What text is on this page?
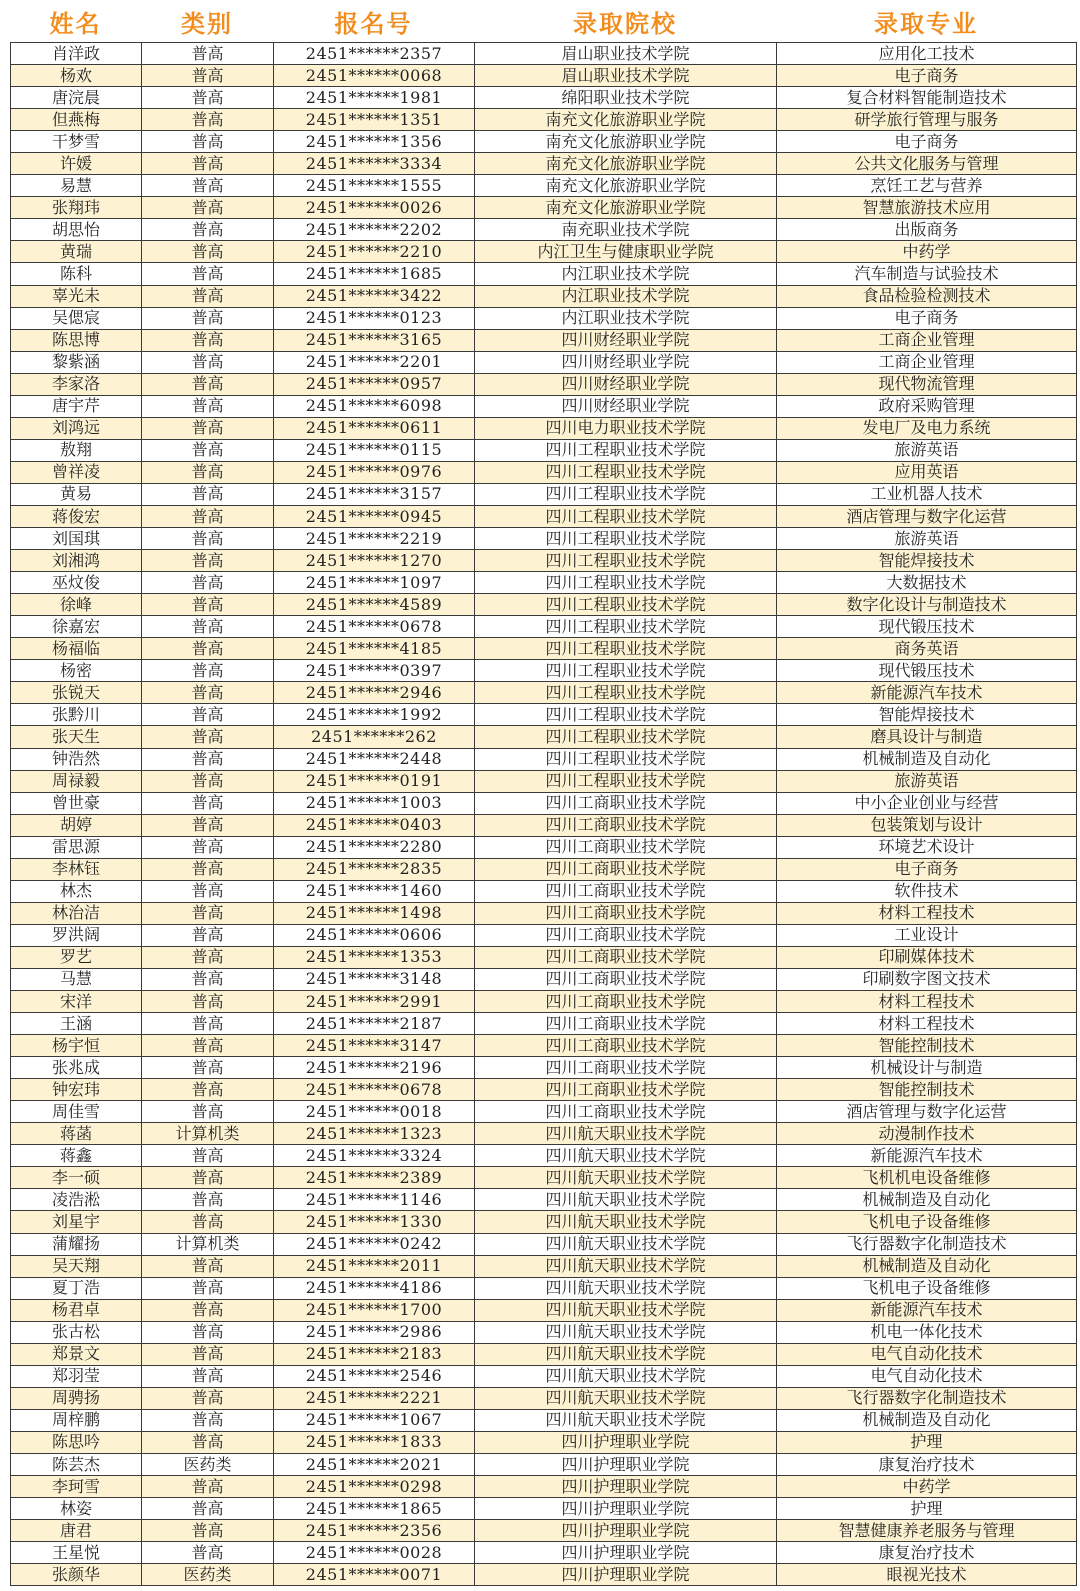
姓名	类别	报名号	录取院校	录取专业
肖洋政	普高	2451******2357	眉山职业技术学院	应用化工技术
杨欢	普高	2451******0068	眉山职业技术学院	电子商务
唐浣晨	普高	2451******1981	绵阳职业技术学院	复合材料智能制造技术
但燕梅	普高	2451******1351	南充文化旅游职业学院	研学旅行管理与服务
干梦雪	普高	2451******1356	南充文化旅游职业学院	电子商务
许媛	普高	2451******3334	南充文化旅游职业学院	公共文化服务与管理
易慧	普高	2451******1555	南充文化旅游职业学院	烹饪工艺与营养
张翔玮	普高	2451******0026	南充文化旅游职业学院	智慧旅游技术应用
胡思怡	普高	2451******2202	南充职业技术学院	出版商务
黄瑞	普高	2451******2210	内江卫生与健康职业学院	中药学
陈科	普高	2451******1685	内江职业技术学院	汽车制造与试验技术
辜光未	普高	2451******3422	内江职业技术学院	食品检验检测技术
吴偲宸	普高	2451******0123	内江职业技术学院	电子商务
陈思博	普高	2451******3165	四川财经职业学院	工商企业管理
黎紫涵	普高	2451******2201	四川财经职业学院	工商企业管理
李家洛	普高	2451******0957	四川财经职业学院	现代物流管理
唐宇芹	普高	2451******6098	四川财经职业学院	政府采购管理
刘鸿远	普高	2451******0611	四川电力职业技术学院	发电厂及电力系统
敖翔	普高	2451******0115	四川工程职业技术学院	旅游英语
曾祥凌	普高	2451******0976	四川工程职业技术学院	应用英语
黄易	普高	2451******3157	四川工程职业技术学院	工业机器人技术
蒋俊宏	普高	2451******0945	四川工程职业技术学院	酒店管理与数字化运营
刘国琪	普高	2451******2219	四川工程职业技术学院	旅游英语
刘湘鸿	普高	2451******1270	四川工程职业技术学院	智能焊接技术
巫炆俊	普高	2451******1097	四川工程职业技术学院	大数据技术
徐峰	普高	2451******4589	四川工程职业技术学院	数字化设计与制造技术
徐嘉宏	普高	2451******0678	四川工程职业技术学院	现代锻压技术
杨福临	普高	2451******4185	四川工程职业技术学院	商务英语
杨密	普高	2451******0397	四川工程职业技术学院	现代锻压技术
张锐天	普高	2451******2946	四川工程职业技术学院	新能源汽车技术
张黔川	普高	2451******1992	四川工程职业技术学院	智能焊接技术
张天生	普高	2451******262	四川工程职业技术学院	磨具设计与制造
钟浩然	普高	2451******2448	四川工程职业技术学院	机械制造及自动化
周禄毅	普高	2451******0191	四川工程职业技术学院	旅游英语
曾世豪	普高	2451******1003	四川工商职业技术学院	中小企业创业与经营
胡婷	普高	2451******0403	四川工商职业技术学院	包装策划与设计
雷思源	普高	2451******2280	四川工商职业技术学院	环境艺术设计
李林钰	普高	2451******2835	四川工商职业技术学院	电子商务
林杰	普高	2451******1460	四川工商职业技术学院	软件技术
林治洁	普高	2451******1498	四川工商职业技术学院	材料工程技术
罗洪阔	普高	2451******0606	四川工商职业技术学院	工业设计
罗艺	普高	2451******1353	四川工商职业技术学院	印刷媒体技术
马慧	普高	2451******3148	四川工商职业技术学院	印刷数字图文技术
宋洋	普高	2451******2991	四川工商职业技术学院	材料工程技术
王涵	普高	2451******2187	四川工商职业技术学院	材料工程技术
杨宇恒	普高	2451******3147	四川工商职业技术学院	智能控制技术
张兆成	普高	2451******2196	四川工商职业技术学院	机械设计与制造
钟宏玮	普高	2451******0678	四川工商职业技术学院	智能控制技术
周佳雪	普高	2451******0018	四川工商职业技术学院	酒店管理与数字化运营
蒋菡	计算机类	2451******1323	四川航天职业技术学院	动漫制作技术
蒋鑫	普高	2451******3324	四川航天职业技术学院	新能源汽车技术
李一硕	普高	2451******2389	四川航天职业技术学院	飞机机电设备维修
凌浩淞	普高	2451******1146	四川航天职业技术学院	机械制造及自动化
刘星宇	普高	2451******1330	四川航天职业技术学院	飞机电子设备维修
蒲耀扬	计算机类	2451******0242	四川航天职业技术学院	飞行器数字化制造技术
吴天翔	普高	2451******2011	四川航天职业技术学院	机械制造及自动化
夏丁浩	普高	2451******4186	四川航天职业技术学院	飞机电子设备维修
杨君卓	普高	2451******1700	四川航天职业技术学院	新能源汽车技术
张古松	普高	2451******2986	四川航天职业技术学院	机电一体化技术
郑景文	普高	2451******2183	四川航天职业技术学院	电气自动化技术
郑羽莹	普高	2451******2546	四川航天职业技术学院	电气自动化技术
周骋扬	普高	2451******2221	四川航天职业技术学院	飞行器数字化制造技术
周梓鹏	普高	2451******1067	四川航天职业技术学院	机械制造及自动化
陈思吟	普高	2451******1833	四川护理职业学院	护理
陈芸杰	医药类	2451******2021	四川护理职业学院	康复治疗技术
李珂雪	普高	2451******0298	四川护理职业学院	中药学
林姿	普高	2451******1865	四川护理职业学院	护理
唐君	普高	2451******2356	四川护理职业学院	智慧健康养老服务与管理
王星悦	普高	2451******0028	四川护理职业学院	康复治疗技术
张颜华	医药类	2451******0071	四川护理职业学院	眼视光技术
